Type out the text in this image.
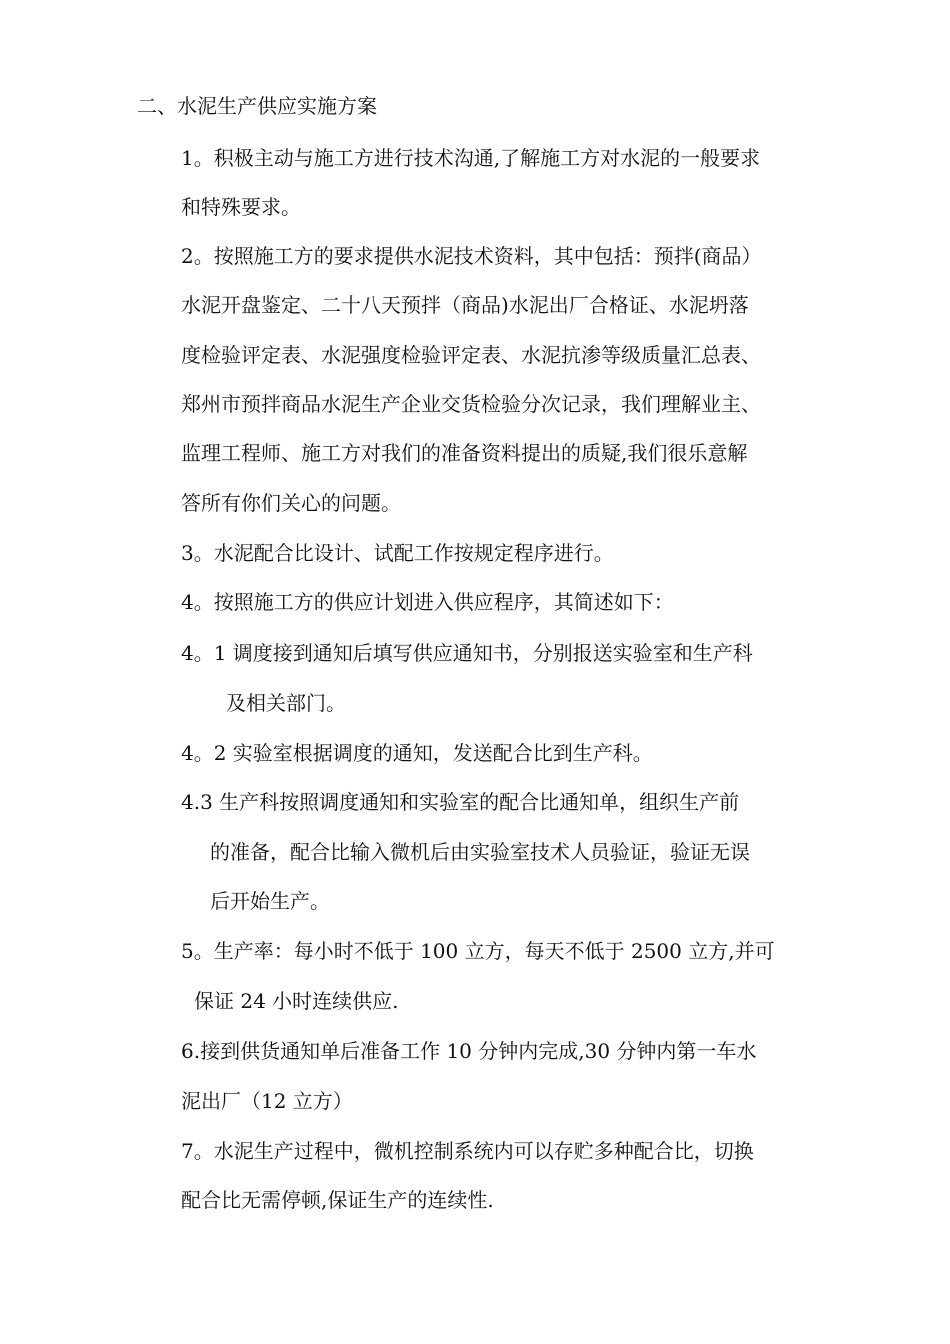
二、水泥生产供应实施方案
1。积极主动与施工方进行技术沟通,了解施工方对水泥的一般要求
和特殊要求。
2。按照施工方的要求提供水泥技术资料，其中包括：预拌(商品）
水泥开盘鉴定、二十八天预拌（商品)水泥出厂合格证、水泥坍落
度检验评定表、水泥强度检验评定表、水泥抗渗等级质量汇总表、
郑州市预拌商品水泥生产企业交货检验分次记录，我们理解业主、
监理工程师、施工方对我们的准备资料提出的质疑,我们很乐意解
答所有你们关心的问题。
3。水泥配合比设计、试配工作按规定程序进行。
4。按照施工方的供应计划进入供应程序，其简述如下：
4。1 调度接到通知后填写供应通知书，分别报送实验室和生产科
及相关部门。
4。2 实验室根据调度的通知，发送配合比到生产科。
4.3 生产科按照调度通知和实验室的配合比通知单，组织生产前
的准备，配合比输入微机后由实验室技术人员验证，验证无误
后开始生产。
5。生产率：每小时不低于 100 立方，每天不低于 2500 立方,并可
保证 24 小时连续供应.
6.接到供货通知单后准备工作 10 分钟内完成,30 分钟内第一车水
泥出厂（12 立方）
7。水泥生产过程中，微机控制系统内可以存贮多种配合比，切换
配合比无需停顿,保证生产的连续性.
